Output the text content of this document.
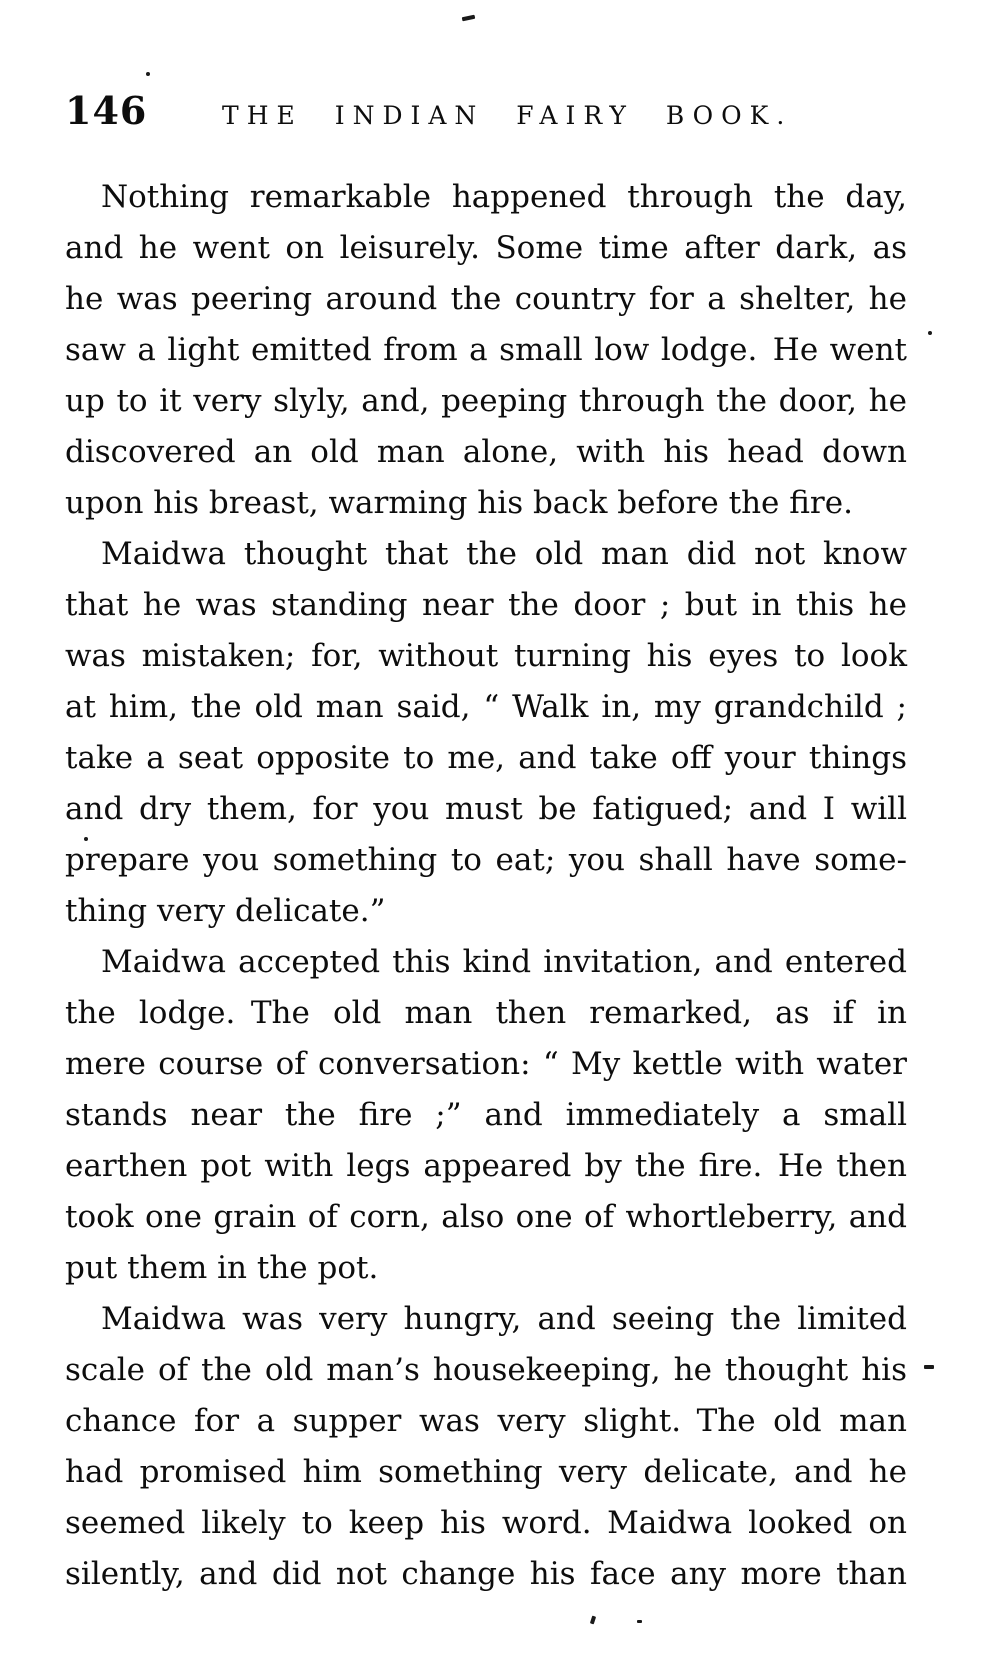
146	THE INDIAN FAIRY BOOK.
Nothing remarkable happened through the day,
and he went on leisurely. Some time after dark, as
he was peering around the country for a shelter, he
saw a light emitted from a small low lodge. He went
up to it very slyly, and, peeping through the door, he
discovered an old man alone, with his head down
upon his breast, warming his back before the fire.
Maidwa thought that the old man did not know
that he was standing near the door ; but in this he
was mistaken; for, without turning his eyes to look
at him, the old man said, “ Walk in, my grandchild ;
take a seat opposite to me, and take off your things
and dry them, for you must be fatigued; and I will
prepare you something to eat; you shall have some-
thing very delicate.”
Maidwa accepted this kind invitation, and entered
the lodge. The old man then remarked, as if in
mere course of conversation: “ My kettle with water
stands near the fire ;” and immediately a small
earthen pot with legs appeared by the fire. He then
took one grain of corn, also one of whortleberry, and
put them in the pot.
Maidwa was very hungry, and seeing the limited
scale of the old man’s housekeeping, he thought his
chance for a supper was very slight. The old man
had promised him something very delicate, and he
seemed likely to keep his word. Maidwa looked on
silently, and did not change his face any more than
